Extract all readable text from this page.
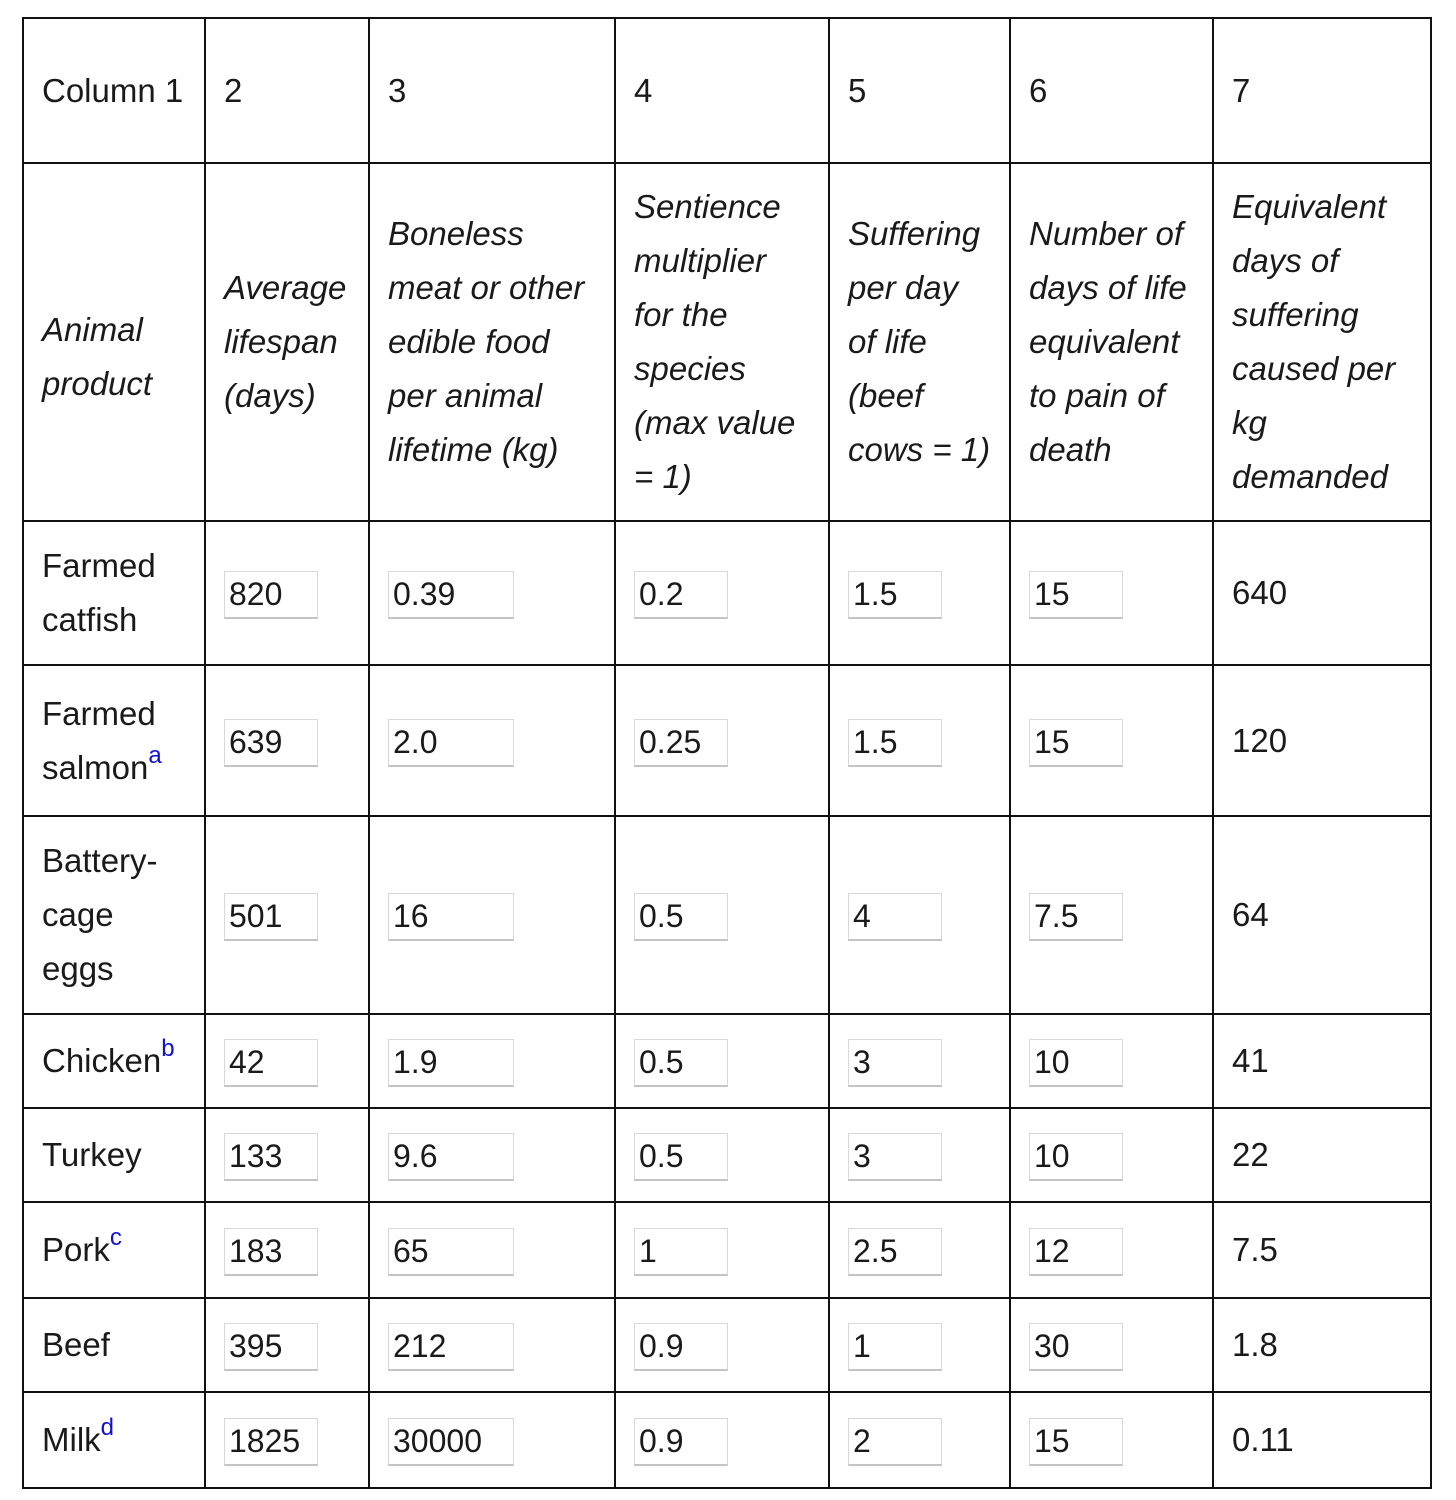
Column 1	2	3	4	5	6	7
Animal product	Average lifespan (days)	Boneless meat or other edible food per animal lifetime (kg)	Sentience multiplier for the species (max value = 1)	Suffering per day of life (beef cows = 1)	Number of days of life equivalent to pain of death	Equivalent days of suffering caused per kg demanded
Farmed catfish	820	0.39	0.2	1.5	15	640
Farmed salmon$^a$	639	2.0	0.25	1.5	15	120
Battery-cage eggs	501	16	0.5	4	7.5	64
Chicken$^b$	42	1.9	0.5	3	10	41
Turkey	133	9.6	0.5	3	10	22
Pork$^c$	183	65	1	2.5	12	7.5
Beef	395	212	0.9	1	30	1.8
Milk$^d$	1825	30000	0.9	2	15	0.11
